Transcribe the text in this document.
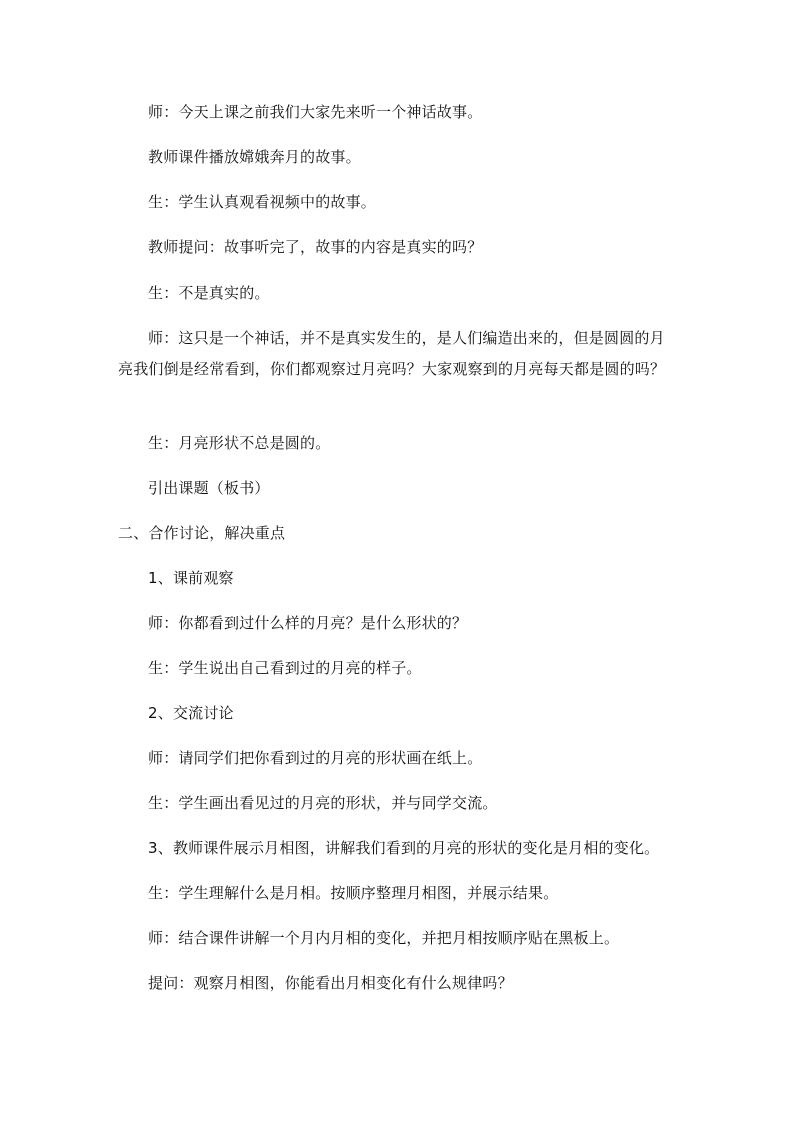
师：今天上课之前我们大家先来听一个神话故事。
教师课件播放嫦娥奔月的故事。
生：学生认真观看视频中的故事。
教师提问：故事听完了，故事的内容是真实的吗？
生：不是真实的。
师：这只是一个神话，并不是真实发生的，是人们编造出来的，但是圆圆的月亮我们倒是经常看到，你们都观察过月亮吗？大家观察到的月亮每天都是圆的吗？
生：月亮形状不总是圆的。
引出课题（板书）
二、合作讨论，解决重点
1、课前观察
师：你都看到过什么样的月亮？是什么形状的？
生：学生说出自己看到过的月亮的样子。
2、交流讨论
师：请同学们把你看到过的月亮的形状画在纸上。
生：学生画出看见过的月亮的形状，并与同学交流。
3、教师课件展示月相图，讲解我们看到的月亮的形状的变化是月相的变化。
生：学生理解什么是月相。按顺序整理月相图，并展示结果。
师：结合课件讲解一个月内月相的变化，并把月相按顺序贴在黑板上。
提问：观察月相图，你能看出月相变化有什么规律吗？
